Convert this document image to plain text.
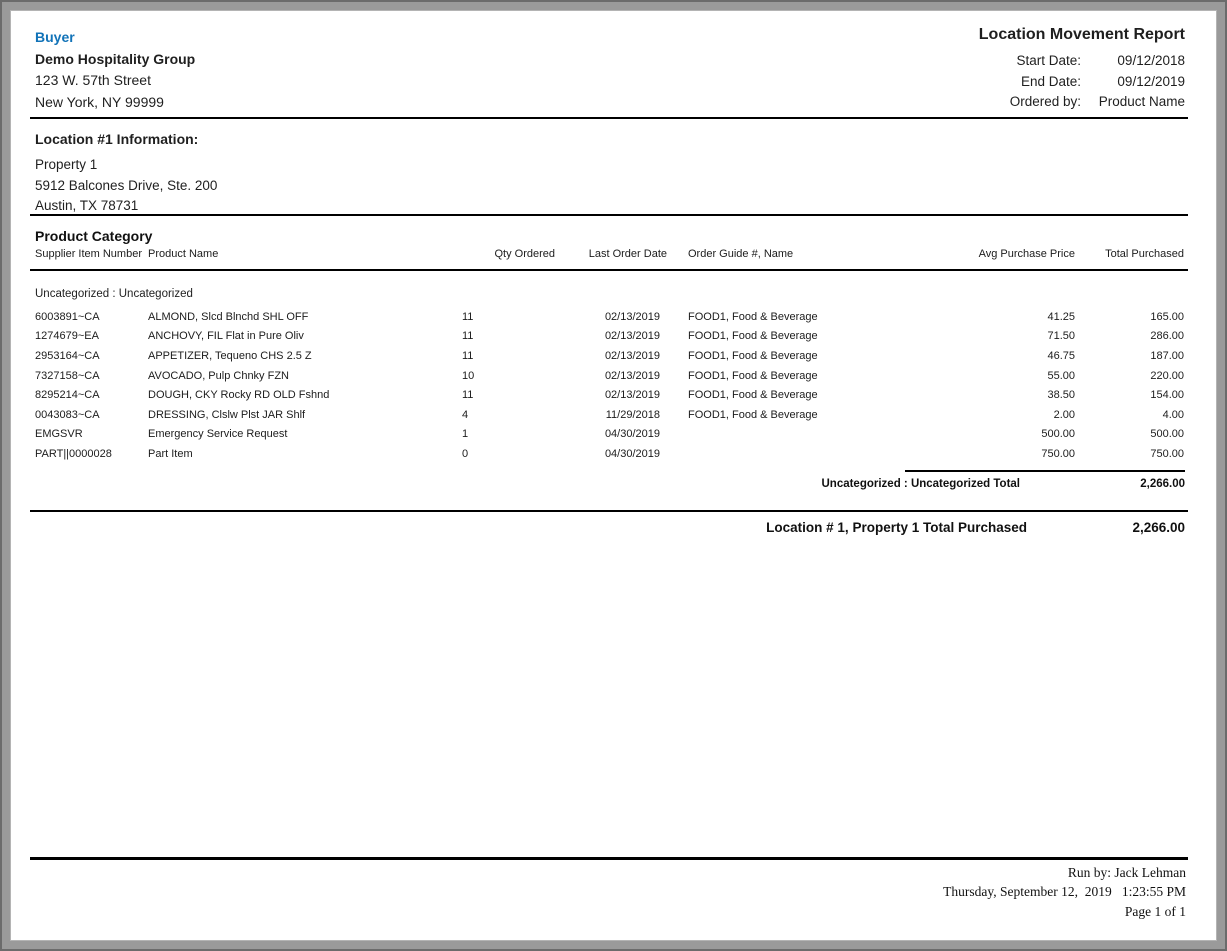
Buyer
Demo Hospitality Group
123 W. 57th Street
New York, NY 99999
Location Movement Report
Start Date:	09/12/2018
End Date:	09/12/2019
Ordered by:	Product Name
Location #1 Information:
Property 1
5912 Balcones Drive, Ste. 200
Austin, TX 78731
Product Category
Supplier Item Number	Product Name	Qty Ordered	Last Order Date	Order Guide #, Name	Avg Purchase Price	Total Purchased
Uncategorized : Uncategorized						
6003891~CA	ALMOND, Slcd Blnchd SHL OFF	11	02/13/2019	FOOD1, Food & Beverage	41.25	165.00
1274679~EA	ANCHOVY, FIL Flat in Pure Oliv	11	02/13/2019	FOOD1, Food & Beverage	71.50	286.00
2953164~CA	APPETIZER, Tequeno CHS 2.5 Z	11	02/13/2019	FOOD1, Food & Beverage	46.75	187.00
7327158~CA	AVOCADO, Pulp Chnky FZN	10	02/13/2019	FOOD1, Food & Beverage	55.00	220.00
8295214~CA	DOUGH, CKY Rocky RD OLD Fshnd	11	02/13/2019	FOOD1, Food & Beverage	38.50	154.00
0043083~CA	DRESSING, Clslw Plst JAR Shlf	4	11/29/2018	FOOD1, Food & Beverage	2.00	4.00
EMGSVR	Emergency Service Request	1	04/30/2019		500.00	500.00
PART||0000028	Part Item	0	04/30/2019		750.00	750.00
Uncategorized : Uncategorized Total	2,266.00
Location # 1, Property 1 Total Purchased	2,266.00
Run by: Jack Lehman
Thursday, September 12,  2019   1:23:55 PM
Page 1 of 1
